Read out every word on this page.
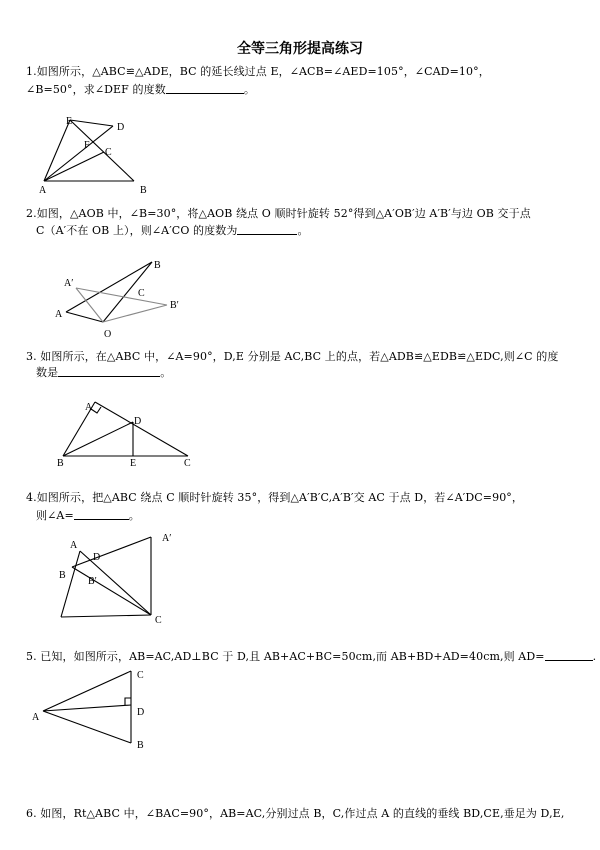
全等三角形提高练习
1.如图所示，△ABC≌△ADE，BC 的延长线过点 E，∠ACB=∠AED=105°，∠CAD=10°，
∠B=50°，求∠DEF 的度数	。
E
D
F
C
A	B
2.如图，△AOB 中，∠B=30°，将△AOB 绕点 O 顺时针旋转 52°得到△A′OB′边 A′B′与边 OB 交于点
C（A′不在 OB 上），则∠A′CO 的度数为	。
B
A′
C
B′
A
O
3. 如图所示，在△ABC 中，∠A=90°，D,E 分别是 AC,BC 上的点，若△ADB≌△EDB≌△EDC,则∠C 的度
数是	。
A
D
B	E	C
4.如图所示，把△ABC 绕点 C 顺时针旋转 35°，得到△A′B′C,A′B′交 AC 于点 D，若∠A′DC=90°，
则∠A=	。
A
D
A′
B
B′
C
5. 已知，如图所示，AB=AC,AD⊥BC 于 D,且 AB+AC+BC=50cm,而 AB+BD+AD=40cm,则 AD=	.
C
A	D
B
6. 如图，Rt△ABC 中，∠BAC=90°，AB=AC,分别过点 B，C,作过点 A 的直线的垂线 BD,CE,垂足为 D,E,
